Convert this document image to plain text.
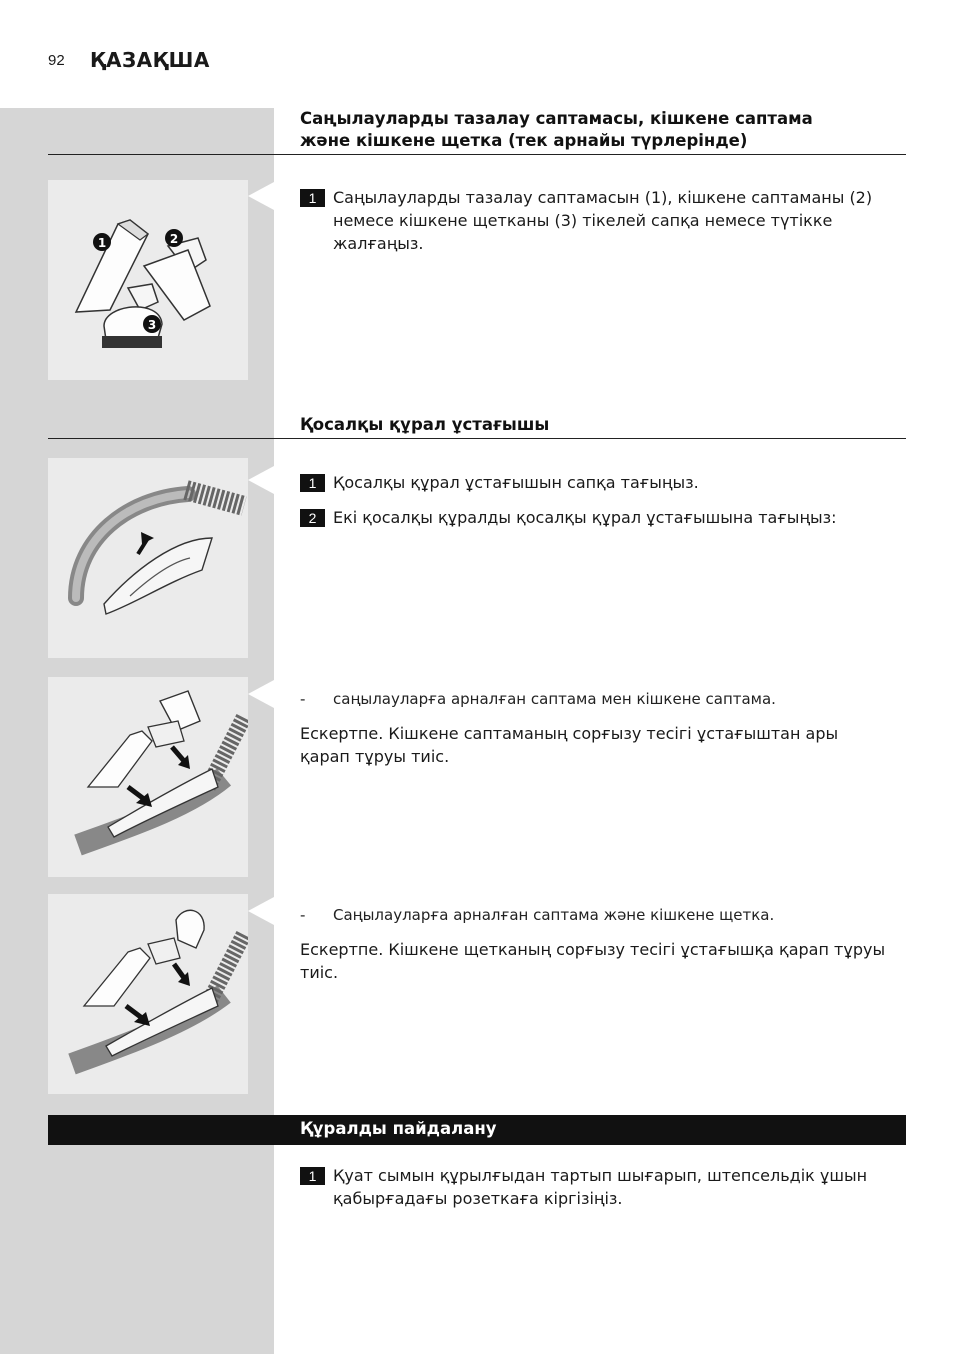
92 ҚАЗАҚША
Саңылауларды тазалау саптамасы, кішкене саптама
және кішкене щетка (тек арнайы түрлерінде)
1	2
3
1	Саңылауларды тазалау саптамасын (1), кішкене саптаманы (2) немесе кішкене щетканы (3) тікелей сапқа немесе түтікке жалғаңыз.
Қосалқы құрал ұстағышы
1	Қосалқы құрал ұстағышын сапқа тағыңыз.
2	Екі қосалқы құралды қосалқы құрал ұстағышына тағыңыз:
-	саңылауларға арналған саптама мен кішкене саптама.
Ескертпе. Кішкене саптаманың сорғызу тесігі ұстағыштан ары қарап тұруы тиіс.
-	Саңылауларға арналған саптама және кішкене щетка.
Ескертпе. Кішкене щетканың сорғызу тесігі ұстағышқа қарап тұруы тиіс.
Құралды пайдалану
1	Қуат сымын құрылғыдан тартып шығарып, штепсельдік ұшын қабырғадағы розеткаға кіргізіңіз.
